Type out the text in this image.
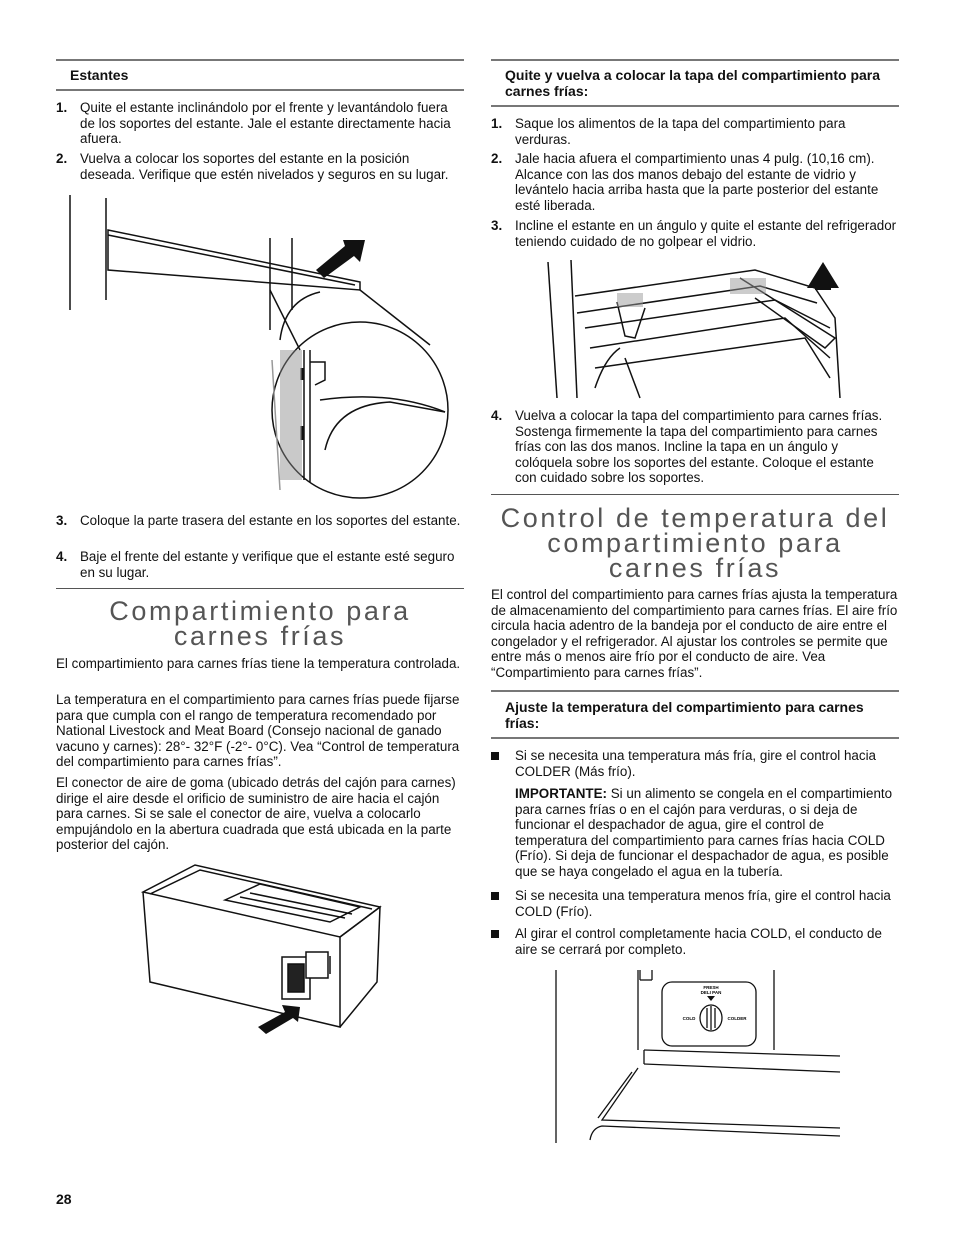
Estantes
1. Quite el estante inclinándolo por el frente y levantándolo fuera de los soportes del estante. Jale el estante directamente hacia afuera.
2. Vuelva a colocar los soportes del estante en la posición deseada. Verifique que estén nivelados y seguros en su lugar.
3. Coloque la parte trasera del estante en los soportes del estante.
4. Baje el frente del estante y verifique que el estante esté seguro en su lugar.
Compartimiento para
carnes frías
El compartimiento para carnes frías tiene la temperatura controlada.
La temperatura en el compartimiento para carnes frías puede fijarse para que cumpla con el rango de temperatura recomendado por National Livestock and Meat Board (Consejo nacional de ganado vacuno y carnes): 28°- 32°F (-2°- 0°C). Vea “Control de temperatura del compartimiento para carnes frías”.
El conector de aire de goma (ubicado detrás del cajón para carnes) dirige el aire desde el orificio de suministro de aire hacia el cajón para carnes. Si se sale el conector de aire, vuelva a colocarlo empujándolo en la abertura cuadrada que está ubicada en la parte posterior del cajón.
Quite y vuelva a colocar la tapa del compartimiento para carnes frías:
1. Saque los alimentos de la tapa del compartimiento para verduras.
2. Jale hacia afuera el compartimiento unas 4 pulg. (10,16 cm). Alcance con las dos manos debajo del estante de vidrio y levántelo hacia arriba hasta que la parte posterior del estante esté liberada.
3. Incline el estante en un ángulo y quite el estante del refrigerador teniendo cuidado de no golpear el vidrio.
4. Vuelva a colocar la tapa del compartimiento para carnes frías. Sostenga firmemente la tapa del compartimiento para carnes frías con las dos manos. Incline la tapa en un ángulo y colóquela sobre los soportes del estante. Coloque el estante con cuidado sobre los soportes.
Control de temperatura del
compartimiento para
carnes frías
El control del compartimiento para carnes frías ajusta la temperatura de almacenamiento del compartimiento para carnes frías. El aire frío circula hacia adentro de la bandeja por el conducto de aire entre el congelador y el refrigerador. Al ajustar los controles se permite que entre más o menos aire frío por el conducto de aire. Vea “Compartimiento para carnes frías”.
Ajuste la temperatura del compartimiento para carnes frías:
Si se necesita una temperatura más fría, gire el control hacia COLDER (Más frío).
IMPORTANTE: Si un alimento se congela en el compartimiento para carnes frías o en el cajón para verduras, o si deja de funcionar el despachador de agua, gire el control de temperatura del compartimiento para carnes frías hacia COLD (Frío). Si deja de funcionar el despachador de agua, es posible que se haya congelado el agua en la tubería.
Si se necesita una temperatura menos fría, gire el control hacia COLD (Frío).
Al girar el control completamente hacia COLD, el conducto de aire se cerrará por completo.
FRESH
DELI PAN
COLD	COLDER
28
